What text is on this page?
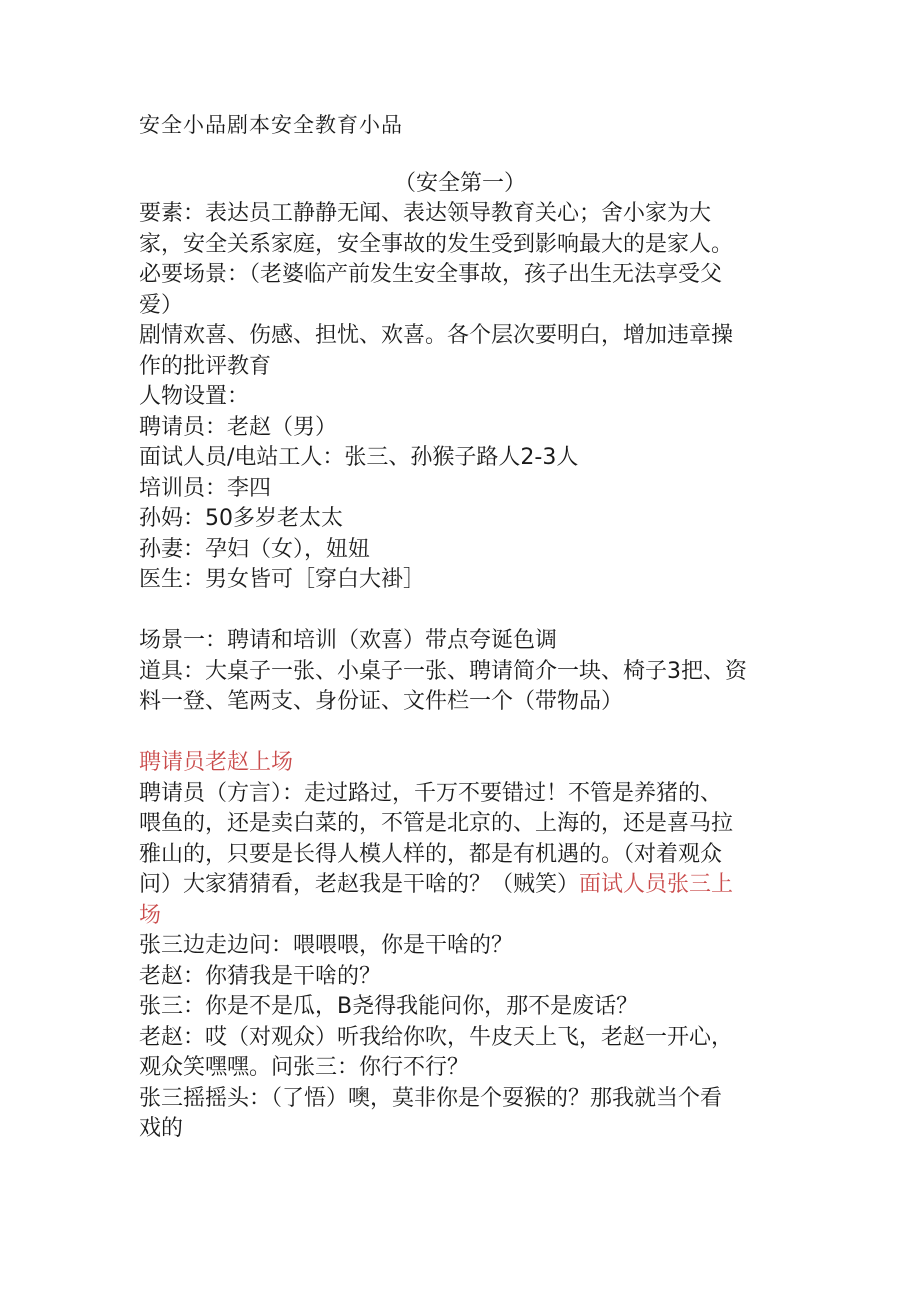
安全小品剧本安全教育小品
（安全第一）
要素：表达员工静静无闻、表达领导教育关心；舍小家为大
家，安全关系家庭，安全事故的发生受到影响最大的是家人。
必要场景：（老婆临产前发生安全事故，孩子出生无法享受父
爱）
剧情欢喜、伤感、担忧、欢喜。各个层次要明白，增加违章操
作的批评教育
人物设置：
聘请员：老赵（男）
面试人员/电站工人：张三、孙猴子路人2-3人
培训员：李四
孙妈：50多岁老太太
孙妻：孕妇（女），妞妞
医生：男女皆可［穿白大褂］
场景一：聘请和培训（欢喜）带点夸诞色调
道具：大桌子一张、小桌子一张、聘请简介一块、椅子3把、资
料一登、笔两支、身份证、文件栏一个（带物品）
聘请员老赵上场
聘请员（方言）：走过路过，千万不要错过！不管是养猪的、
喂鱼的，还是卖白菜的，不管是北京的、上海的，还是喜马拉
雅山的，只要是长得人模人样的，都是有机遇的。（对着观众
问）大家猜猜看，老赵我是干啥的？（贼笑）面试人员张三上
场
张三边走边问：喂喂喂，你是干啥的？
老赵：你猜我是干啥的？
张三：你是不是瓜，B尧得我能问你，那不是废话？
老赵：哎（对观众）听我给你吹，牛皮天上飞，老赵一开心，
观众笑嘿嘿。问张三：你行不行？
张三摇摇头：（了悟）噢，莫非你是个耍猴的？那我就当个看
戏的
